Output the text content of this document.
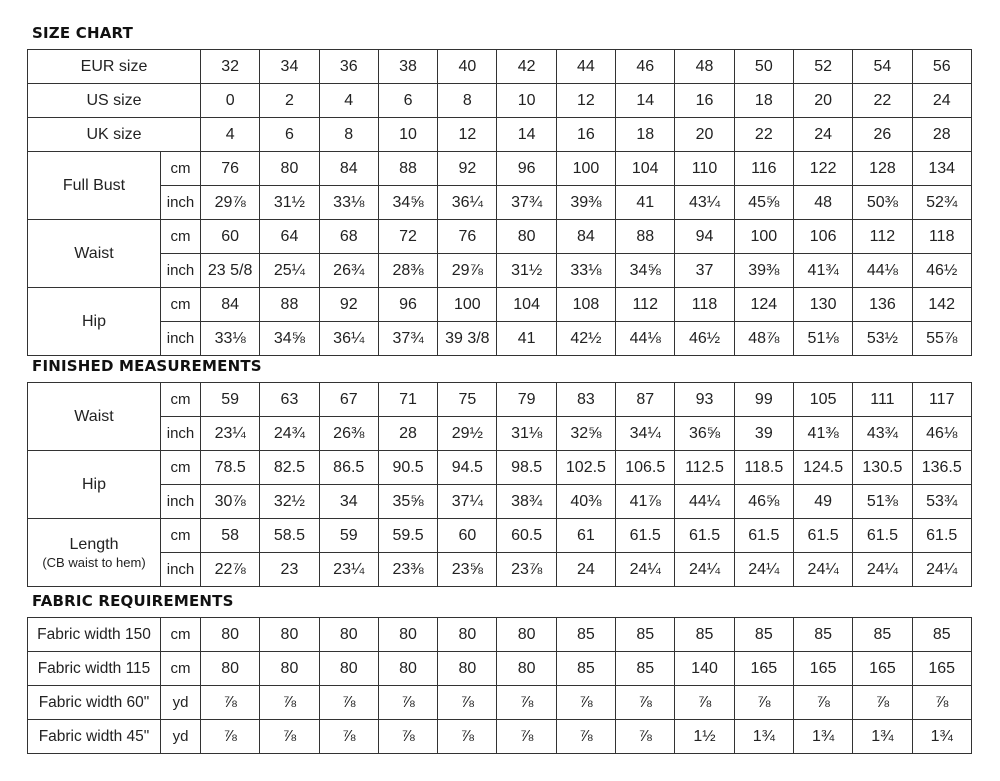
SIZE CHART
EUR size		32	34	36	38	40	42	44	46	48	50	52	54	56
US size		0	2	4	6	8	10	12	14	16	18	20	22	24
UK size		4	6	8	10	12	14	16	18	20	22	24	26	28

Full Bust	cm	76	80	84	88	92	96	100	104	110	116	122	128	134
	inch	29⅞	31½	33⅛	34⅝	36¼	37¾	39⅜	41	43¼	45⅝	48	50⅜	52¾

Waist	cm	60	64	68	72	76	80	84	88	94	100	106	112	118
	inch	23 5/8	25¼	26¾	28⅜	29⅞	31½	33⅛	34⅝	37	39⅜	41¾	44⅛	46½

Hip	cm	84	88	92	96	100	104	108	112	118	124	130	136	142
	inch	33⅛	34⅝	36¼	37¾	39 3/8	41	42½	44⅛	46½	48⅞	51⅛	53½	55⅞
FINISHED MEASUREMENTS
Waist	cm	59	63	67	71	75	79	83	87	93	99	105	111	117
	inch	23¼	24¾	26⅜	28	29½	31⅛	32⅝	34¼	36⅝	39	41⅜	43¾	46⅛

Hip	cm	78.5	82.5	86.5	90.5	94.5	98.5	102.5	106.5	112.5	118.5	124.5	130.5	136.5
	inch	30⅞	32½	34	35⅝	37¼	38¾	40⅜	41⅞	44¼	46⅝	49	51⅜	53¾

Length
(CB waist to hem)	cm	58	58.5	59	59.5	60	60.5	61	61.5	61.5	61.5	61.5	61.5	61.5
	inch	22⅞	23	23¼	23⅜	23⅝	23⅞	24	24¼	24¼	24¼	24¼	24¼	24¼
FABRIC REQUIREMENTS
Fabric width 150	cm	80	80	80	80	80	80	85	85	85	85	85	85	85
Fabric width 115	cm	80	80	80	80	80	80	85	85	140	165	165	165	165
Fabric width 60"	yd	⅞	⅞	⅞	⅞	⅞	⅞	⅞	⅞	⅞	⅞	⅞	⅞	⅞
Fabric width 45"	yd	⅞	⅞	⅞	⅞	⅞	⅞	⅞	⅞	1½	1¾	1¾	1¾	1¾
